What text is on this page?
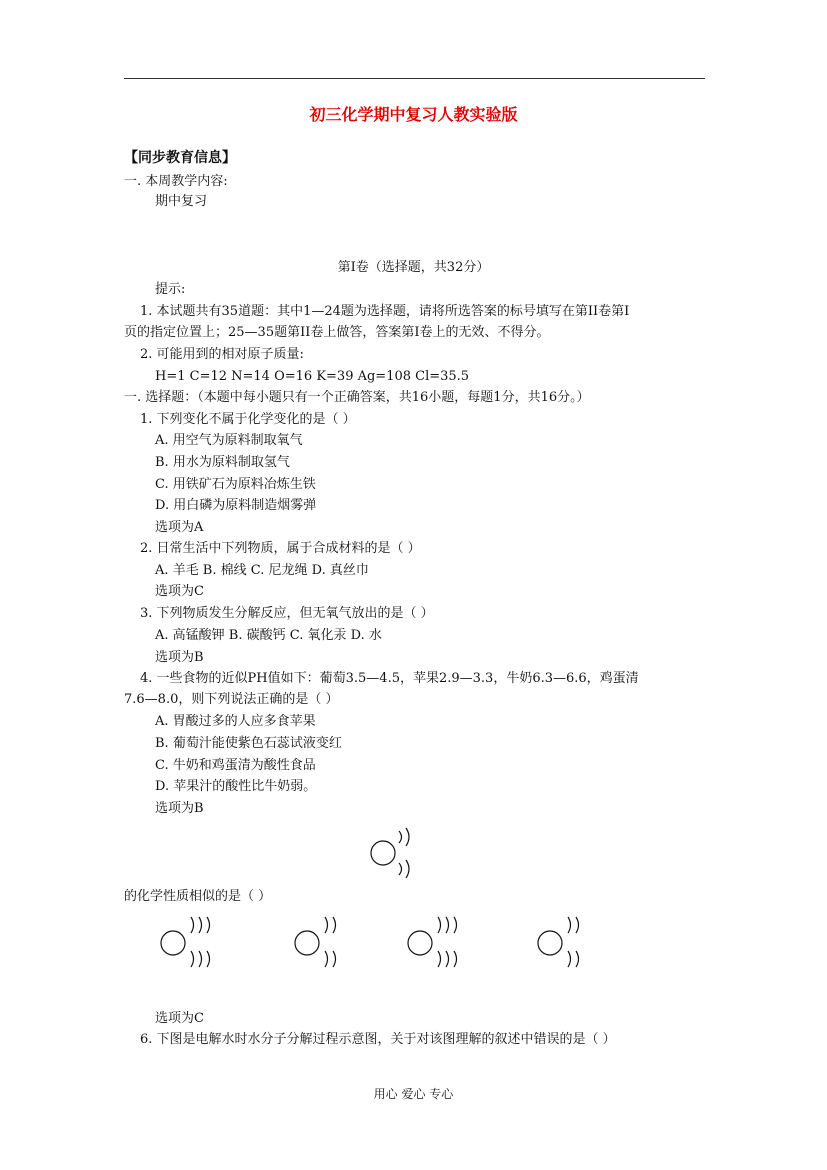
初三化学期中复习人教实验版
【同步教育信息】
一. 本周教学内容:
期中复习
第Ⅰ卷（选择题，共32分）
提示:
1. 本试题共有35道题：其中1—24题为选择题，请将所选答案的标号填写在第II卷第Ⅰ
页的指定位置上；25—35题第II卷上做答，答案第Ⅰ卷上的无效、不得分。
2. 可能用到的相对原子质量:
H=1 C=12 N=14 O=16 K=39 Ag=108 Cl=35.5
一. 选择题：（本题中每小题只有一个正确答案，共16小题，每题1分，共16分。）
1. 下列变化不属于化学变化的是（ ）
A. 用空气为原料制取氧气
B. 用水为原料制取氢气
C. 用铁矿石为原料冶炼生铁
D. 用白磷为原料制造烟雾弹
选项为A
2. 日常生活中下列物质，属于合成材料的是（ ）
A. 羊毛 B. 棉线 C. 尼龙绳 D. 真丝巾
选项为C
3. 下列物质发生分解反应，但无氧气放出的是（ ）
A. 高锰酸钾 B. 碳酸钙 C. 氧化汞 D. 水
选项为B
4. 一些食物的近似PH值如下：葡萄3.5—4.5，苹果2.9—3.3，牛奶6.3—6.6，鸡蛋清
7.6—8.0，则下列说法正确的是（ ）
A. 胃酸过多的人应多食苹果
B. 葡萄汁能使紫色石蕊试液变红
C. 牛奶和鸡蛋清为酸性食品
D. 苹果汁的酸性比牛奶弱。
选项为B
的化学性质相似的是（ ）
选项为C
6. 下图是电解水时水分子分解过程示意图，关于对该图理解的叙述中错误的是（ ）
用心 爱心 专心
